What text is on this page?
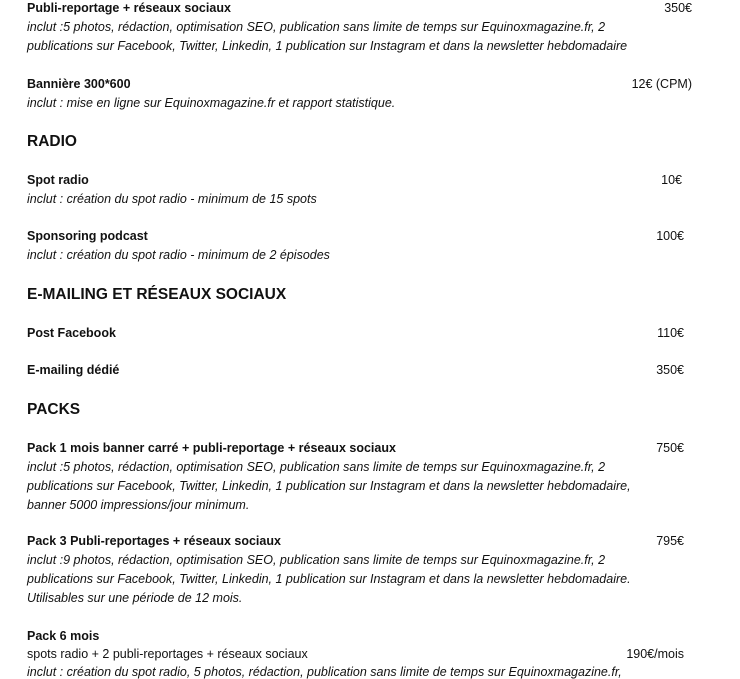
Publi-reportage + réseaux sociaux	350€
inclut :5 photos, rédaction, optimisation SEO, publication sans limite de temps sur Equinoxmagazine.fr, 2
publications sur Facebook, Twitter, Linkedin, 1 publication sur Instagram et dans la newsletter hebdomadaire
Bannière 300*600	12€ (CPM)
inclut : mise en ligne sur Equinoxmagazine.fr et rapport statistique.
RADIO
Spot radio	10€
inclut : création du spot radio - minimum de 15 spots
Sponsoring podcast	100€
inclut : création du spot radio - minimum de 2 épisodes
E-MAILING ET RÉSEAUX SOCIAUX
Post Facebook	110€
E-mailing dédié	350€
PACKS
Pack 1 mois banner carré + publi-reportage + réseaux sociaux	750€
inclut :5 photos, rédaction, optimisation SEO, publication sans limite de temps sur Equinoxmagazine.fr, 2
publications sur Facebook, Twitter, Linkedin, 1 publication sur Instagram et dans la newsletter hebdomadaire,
banner 5000 impressions/jour minimum.
Pack 3 Publi-reportages + réseaux sociaux	795€
inclut :9 photos, rédaction, optimisation SEO, publication sans limite de temps sur Equinoxmagazine.fr, 2
publications sur Facebook, Twitter, Linkedin, 1 publication sur Instagram et dans la newsletter hebdomadaire.
Utilisables sur une période de 12 mois.
Pack 6 mois
spots radio + 2 publi-reportages + réseaux sociaux	190€/mois
inclut : création du spot radio, 5 photos, rédaction, publication sans limite de temps sur Equinoxmagazine.fr,
